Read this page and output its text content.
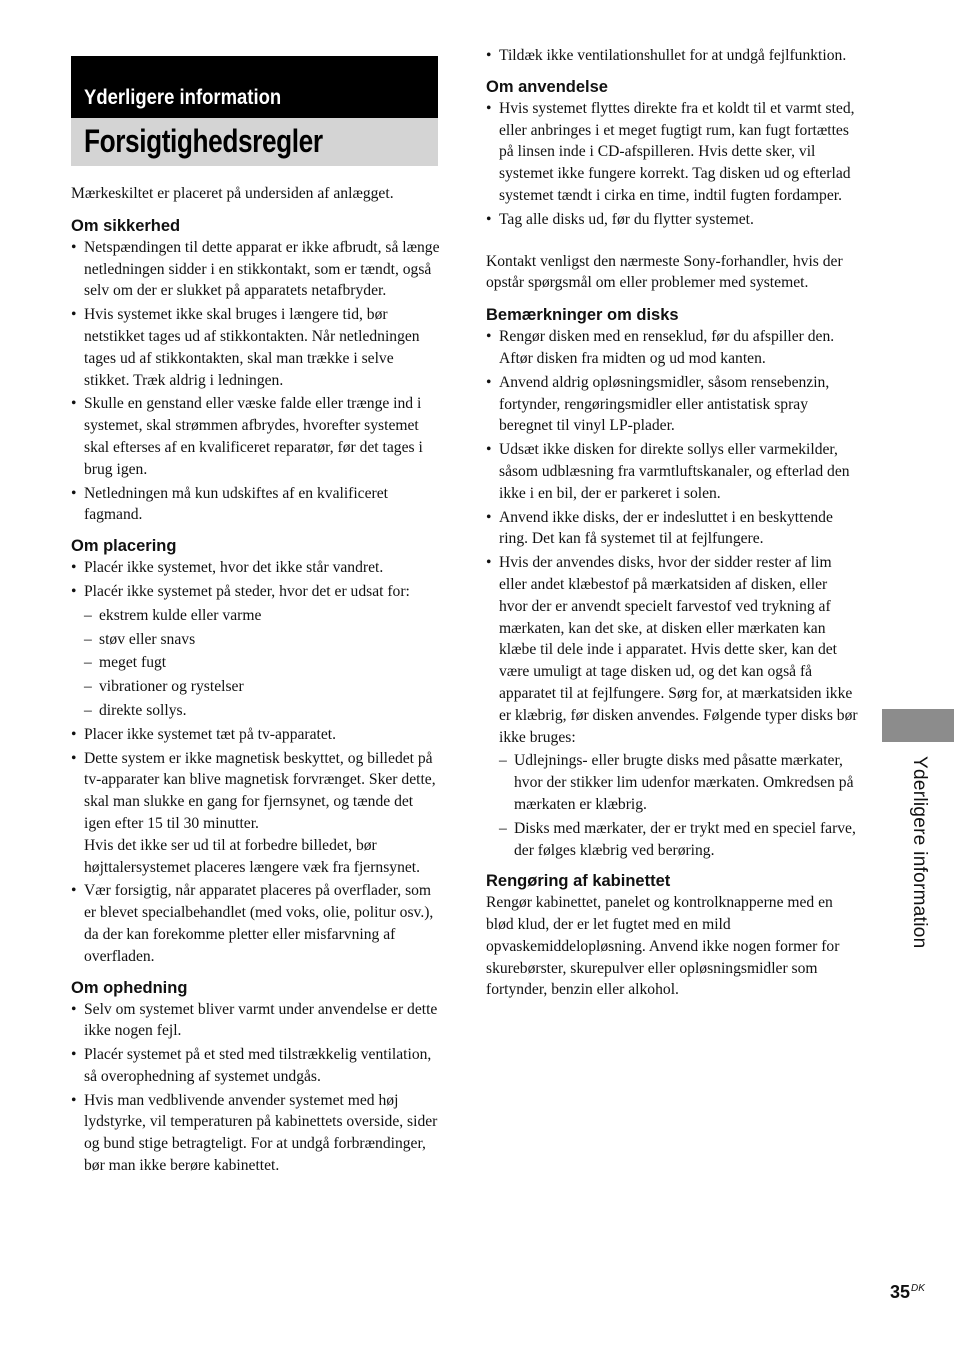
Yderligere information
Forsigtighedsregler

Mærkeskiltet er placeret på undersiden af anlægget.

Om sikkerhed
• Netspændingen til dette apparat er ikke afbrudt, så længe netledningen sidder i en stikkontakt, som er tændt, også selv om der er slukket på apparatets netafbryder.
• Hvis systemet ikke skal bruges i længere tid, bør netstikket tages ud af stikkontakten. Når netledningen tages ud af stikkontakten, skal man trække i selve stikket. Træk aldrig i ledningen.
• Skulle en genstand eller væske falde eller trænge ind i systemet, skal strømmen afbrydes, hvorefter systemet skal efterses af en kvalificeret reparatør, før det tages i brug igen.
• Netledningen må kun udskiftes af en kvalificeret fagmand.
Om placering
• Placér ikke systemet, hvor det ikke står vandret.
• Placér ikke systemet på steder, hvor det er udsat for:
– ekstrem kulde eller varme
– støv eller snavs
– meget fugt
– vibrationer og rystelser
– direkte sollys.
• Placer ikke systemet tæt på tv-apparatet.
• Dette system er ikke magnetisk beskyttet, og billedet på tv-apparater kan blive magnetisk forvrænget. Sker dette, skal man slukke en gang for fjernsynet, og tænde det igen efter 15 til 30 minutter.
Hvis det ikke ser ud til at forbedre billedet, bør højttalersystemet placeres længere væk fra fjernsynet.
• Vær forsigtig, når apparatet placeres på overflader, som er blevet specialbehandlet (med voks, olie, politur osv.), da der kan forekomme pletter eller misfarvning af overfladen.
Om ophedning
• Selv om systemet bliver varmt under anvendelse er dette ikke nogen fejl.
• Placér systemet på et sted med tilstrækkelig ventilation, så overophedning af systemet undgås.
• Hvis man vedblivende anvender systemet med høj lydstyrke, vil temperaturen på kabinettets overside, sider og bund stige betragteligt. For at undgå forbrændinger, bør man ikke berøre kabinettet.
• Tildæk ikke ventilationshullet for at undgå fejlfunktion.
Om anvendelse
• Hvis systemet flyttes direkte fra et koldt til et varmt sted, eller anbringes i et meget fugtigt rum, kan fugt fortættes på linsen inde i CD-afspilleren. Hvis dette sker, vil systemet ikke fungere korrekt. Tag disken ud og efterlad systemet tændt i cirka en time, indtil fugten fordamper.
• Tag alle disks ud, før du flytter systemet.

Kontakt venligst den nærmeste Sony-forhandler, hvis der opstår spørgsmål om eller problemer med systemet.

Bemærkninger om disks
• Rengør disken med en renseklud, før du afspiller den. Aftør disken fra midten og ud mod kanten.
• Anvend aldrig opløsningsmidler, såsom rensebenzin, fortynder, rengøringsmidler eller antistatisk spray beregnet til vinyl LP-plader.
• Udsæt ikke disken for direkte sollys eller varmekilder, såsom udblæsning fra varmtluftskanaler, og efterlad den ikke i en bil, der er parkeret i solen.
• Anvend ikke disks, der er indesluttet i en beskyttende ring. Det kan få systemet til at fejlfungere.
• Hvis der anvendes disks, hvor der sidder rester af lim eller andet klæbestof på mærkatsiden af disken, eller hvor der er anvendt specielt farvestof ved trykning af mærkaten, kan det ske, at disken eller mærkaten kan klæbe til dele inde i apparatet. Hvis dette sker, kan det være umuligt at tage disken ud, og det kan også få apparatet til at fejlfungere. Sørg for, at mærkatsiden ikke er klæbrig, før disken anvendes. Følgende typer disks bør ikke bruges:
– Udlejnings- eller brugte disks med påsatte mærkater, hvor der stikker lim udenfor mærkaten. Omkredsen på mærkaten er klæbrig.
– Disks med mærkater, der er trykt med en speciel farve, der følges klæbrig ved berøring.
Rengøring af kabinettet

Rengør kabinettet, panelet og kontrolknapperne med en blød klud, der er let fugtet med en mild opvaskemiddelopløsning. Anvend ikke nogen former for skurebørster, skurepulver eller opløsningsmidler som fortynder, benzin eller alkohol.

Yderligere information
$35^{DK}$
